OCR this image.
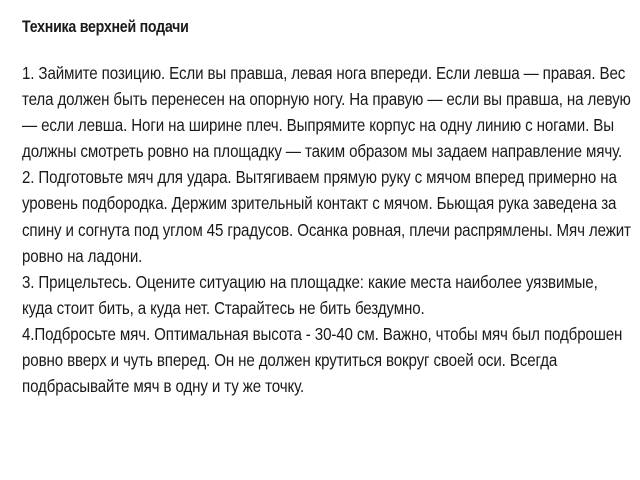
Техника верхней подачи

1. Займите позицию. Если вы правша, левая нога впереди. Если левша — правая. Вес тела должен быть перенесен на опорную ногу. На правую — если вы правша, на левую — если левша. Ноги на ширине плеч. Выпрямите корпус на одну линию с ногами. Вы должны смотреть ровно на площадку — таким образом мы задаем направление мячу.

2. Подготовьте мяч для удара. Вытягиваем прямую руку с мячом вперед примерно на уровень подбородка. Держим зрительный контакт с мячом. Бьющая рука заведена за спину и согнута под углом 45 градусов. Осанка ровная, плечи распрямлены. Мяч лежит ровно на ладони.

3. Прицельтесь. Оцените ситуацию на площадке: какие места наиболее уязвимые, куда стоит бить, а куда нет. Старайтесь не бить бездумно.

4.Подбросьте мяч. Оптимальная высота - 30-40 см. Важно, чтобы мяч был подброшен ровно вверх и чуть вперед. Он не должен крутиться вокруг своей оси. Всегда подбрасывайте мяч в одну и ту же точку.
